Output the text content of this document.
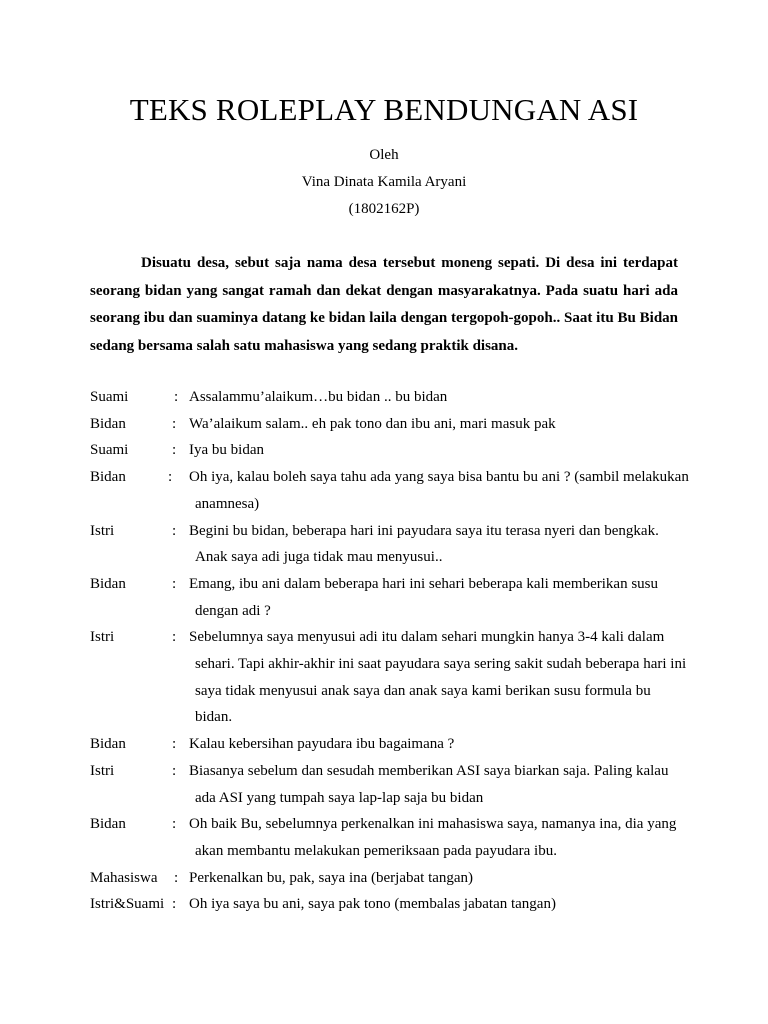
TEKS ROLEPLAY BENDUNGAN ASI

Oleh

Vina Dinata Kamila Aryani

(1802162P)

Disuatu desa, sebut saja nama desa tersebut moneng sepati. Di desa ini terdapat seorang bidan yang sangat ramah dan dekat dengan masyarakatnya. Pada suatu hari ada seorang ibu dan suaminya datang ke bidan laila dengan tergopoh-gopoh.. Saat itu Bu Bidan sedang bersama salah satu mahasiswa yang sedang praktik disana.

Suami	: Assalammu’alaikum…bu bidan .. bu bidan
Bidan	: Wa’alaikum salam.. eh pak tono dan ibu ani, mari masuk pak
Suami	: Iya bu bidan
Bidan	: Oh iya, kalau boleh saya tahu ada yang saya bisa bantu bu ani ? (sambil melakukan
anamnesa)
Istri	: Begini bu bidan, beberapa hari ini payudara saya itu terasa nyeri dan bengkak.
Anak saya adi juga tidak mau menyusui..
Bidan	: Emang, ibu ani dalam beberapa hari ini sehari beberapa kali memberikan susu
dengan adi ?
Istri	: Sebelumnya saya menyusui adi itu dalam sehari mungkin hanya 3-4 kali dalam
sehari. Tapi akhir-akhir ini saat payudara saya sering sakit sudah beberapa hari ini
saya tidak menyusui anak saya dan anak saya kami berikan susu formula bu
bidan.
Bidan	: Kalau kebersihan payudara ibu bagaimana ?
Istri	: Biasanya sebelum dan sesudah memberikan ASI saya biarkan saja. Paling kalau
ada ASI yang tumpah saya lap-lap saja bu bidan
Bidan	: Oh baik Bu, sebelumnya perkenalkan ini mahasiswa saya, namanya ina, dia yang
akan membantu melakukan pemeriksaan pada payudara ibu.
Mahasiswa : Perkenalkan bu, pak, saya ina (berjabat tangan)
Istri&Suami : Oh iya saya bu ani, saya pak tono (membalas jabatan tangan)
